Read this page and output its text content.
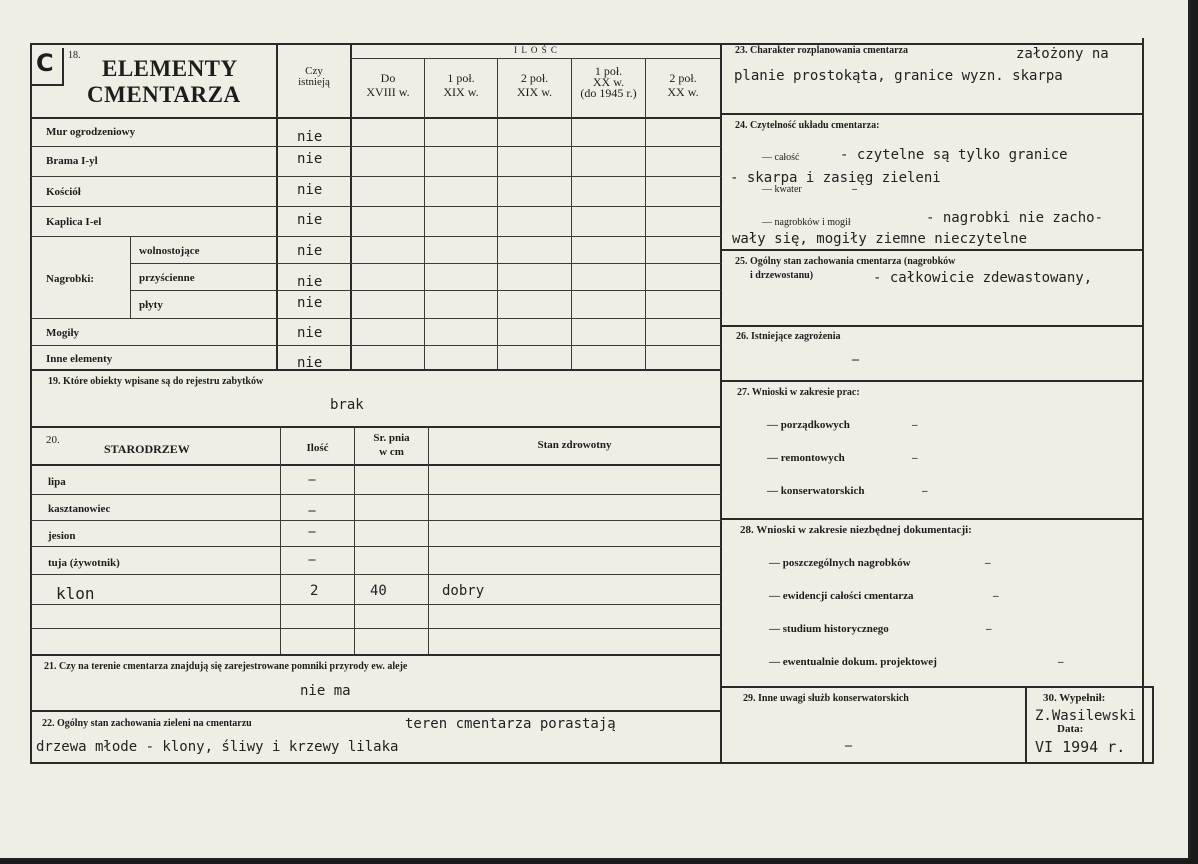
C 18.
ELEMENTY
CMENTARZA
Czy
istnieją
I L O Ś C
Do
XVIII w.
1 poł.
XIX w.
2 poł.
XIX w.
1 poł.
XX w.
(do 1945 r.)
2 poł.
XX w.
Mur ogrodzeniowy	nie
Brama I-yl	nie
Kościół	nie
Kaplica I-el	nie
Nagrobki:
wolnostojące	nie
przyścienne	nie
płyty	nie
Mogiły	nie
Inne elementy	nie
19. Które obiekty wpisane są do rejestru zabytków
brak
20.
STARODRZEW	Ilość
Sr. pnia
w cm
Stan zdrowotny
lipa	–
kasztanowiec	–
jesion	–
tuja (żywotnik)	–
klon	2	40	dobry
21. Czy na terenie cmentarza znajdują się zarejestrowane pomniki przyrody ew. aleje
nie ma
22. Ogólny stan zachowania zieleni na cmentarzu	teren cmentarza porastają
drzewa młode - klony, śliwy i krzewy lilaka
23. Charakter rozplanowania cmentarza	założony na
planie prostokąta, granice wyzn. skarpa
24. Czytelność układu cmentarza:
— całość	- czytelne są tylko granice
- skarpa i zasięg zieleni
— kwater	–
— nagrobków i mogił	- nagrobki nie zacho-
wały się, mogiły ziemne nieczytelne
25. Ogólny stan zachowania cmentarza (nagrobków
i drzewostanu)	- całkowicie zdewastowany,
26. Istniejące zagrożenia
–
27. Wnioski w zakresie prac:
— porządkowych	–
— remontowych	–
— konserwatorskich	–
28. Wnioski w zakresie niezbędnej dokumentacji:
— poszczególnych nagrobków	–
— ewidencji całości cmentarza	–
— studium historycznego	–
— ewentualnie dokum. projektowej	–
29. Inne uwagi służb konserwatorskich
–
30. Wypełnił:
Z.Wasilewski
Data:
VI 1994 r.
